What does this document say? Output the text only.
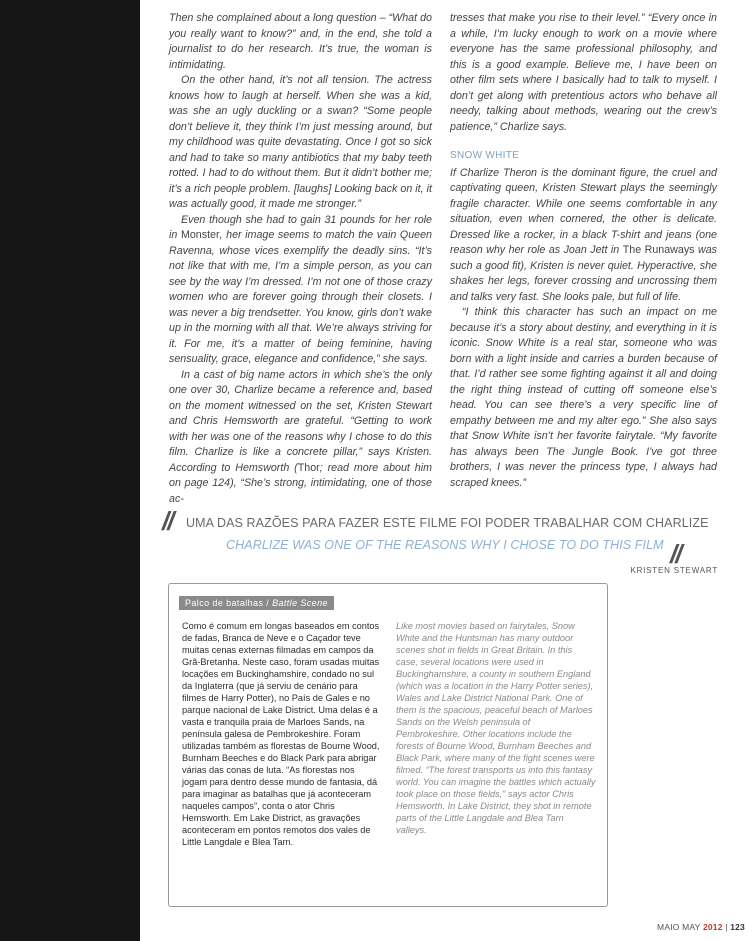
Then she complained about a long question – “What do you really want to know?” and, in the end, she told a journalist to do her research. It’s true, the woman is intimidating.

On the other hand, it’s not all tension. The actress knows how to laugh at herself. When she was a kid, was she an ugly duckling or a swan? “Some people don’t believe it, they think I’m just messing around, but my childhood was quite devastating. Once I got so sick and had to take so many antibiotics that my baby teeth rotted. I had to do without them. But it didn’t bother me; it’s a rich people problem. [laughs] Looking back on it, it was actually good, it made me stronger.”

Even though she had to gain 31 pounds for her role in Monster, her image seems to match the vain Queen Ravenna, whose vices exemplify the deadly sins. “It’s not like that with me, I’m a simple person, as you can see by the way I’m dressed. I’m not one of those crazy women who are forever going through their closets. I was never a big trendsetter. You know, girls don’t wake up in the morning with all that. We’re always striving for it. For me, it’s a matter of being feminine, having sensuality, grace, elegance and confidence,” she says.

In a cast of big name actors in which she’s the only one over 30, Charlize became a reference and, based on the moment witnessed on the set, Kristen Stewart and Chris Hemsworth are grateful. “Getting to work with her was one of the reasons why I chose to do this film. Charlize is like a concrete pillar,” says Kristen. According to Hemsworth (Thor; read more about him on page 124), “She’s strong, intimidating, one of those ac-

tresses that make you rise to their level.” “Every once in a while, I’m lucky enough to work on a movie where everyone has the same professional philosophy, and this is a good example. Believe me, I have been on other film sets where I basically had to talk to myself. I don’t get along with pretentious actors who behave all needy, talking about methods, wearing out the crew’s patience,” Charlize says.

SNOW WHITE

If Charlize Theron is the dominant figure, the cruel and captivating queen, Kristen Stewart plays the seemingly fragile character. While one seems comfortable in any situation, even when cornered, the other is delicate. Dressed like a rocker, in a black T-shirt and jeans (one reason why her role as Joan Jett in The Runaways was such a good fit), Kristen is never quiet. Hyperactive, she shakes her legs, forever crossing and uncrossing them and talks very fast. She looks pale, but full of life.

“I think this character has such an impact on me because it’s a story about destiny, and everything in it is iconic. Snow White is a real star, someone who was born with a light inside and carries a burden because of that. I’d rather see some fighting against it all and doing the right thing instead of cutting off someone else’s head. You can see there’s a very specific line of empathy between me and my alter ego.” She also says that Snow White isn’t her favorite fairytale. “My favorite has always been The Jungle Book. I’ve got three brothers, I was never the princess type, I always had scraped knees.”

// UMA DAS RAZÕES PARA FAZER ESTE FILME FOI PODER TRABALHAR COM CHARLIZE
CHARLIZE WAS ONE OF THE REASONS WHY I CHOSE TO DO THIS FILM //
KRISTEN STEWART
Palco de batalhas / Battle Scene
Como é comum em longas baseados em contos de fadas, Branca de Neve e o Caçador teve muitas cenas externas filmadas em campos da Grã-Bretanha. Neste caso, foram usadas muitas locações em Buckinghamshire, condado no sul da Inglaterra (que já serviu de cenário para filmes de Harry Potter), no País de Gales e no parque nacional de Lake District. Uma delas é a vasta e tranquila praia de Marloes Sands, na península galesa de Pembrokeshire. Foram utilizadas também as florestas de Bourne Wood, Burnham Beeches e do Black Park para abrigar várias das conas de luta. “As florestas nos jogam para dentro desse mundo de fantasia, dá para imaginar as batalhas que já aconteceram naqueles campos”, conta o ator Chris Hemsworth. Em Lake District, as gravações aconteceram em pontos remotos dos vales de Little Langdale e Blea Tarn.
Like most movies based on fairytales, Snow White and the Huntsman has many outdoor scenes shot in fields in Great Britain. In this case, several locations were used in Buckinghamshire, a county in southern England (which was a location in the Harry Potter series), Wales and Lake District National Park. One of them is the spacious, peaceful beach of Marloes Sands on the Welsh peninsula of Pembrokeshire. Other locations include the forests of Bourne Wood, Burnham Beeches and Black Park, where many of the fight scenes were filmed. “The forest transports us into this fantasy world. You can imagine the battles which actually took place on those fields,” says actor Chris Hemsworth. In Lake District, they shot in remote parts of the Little Langdale and Blea Tarn valleys.
MAIO MAY 2012 | 123
